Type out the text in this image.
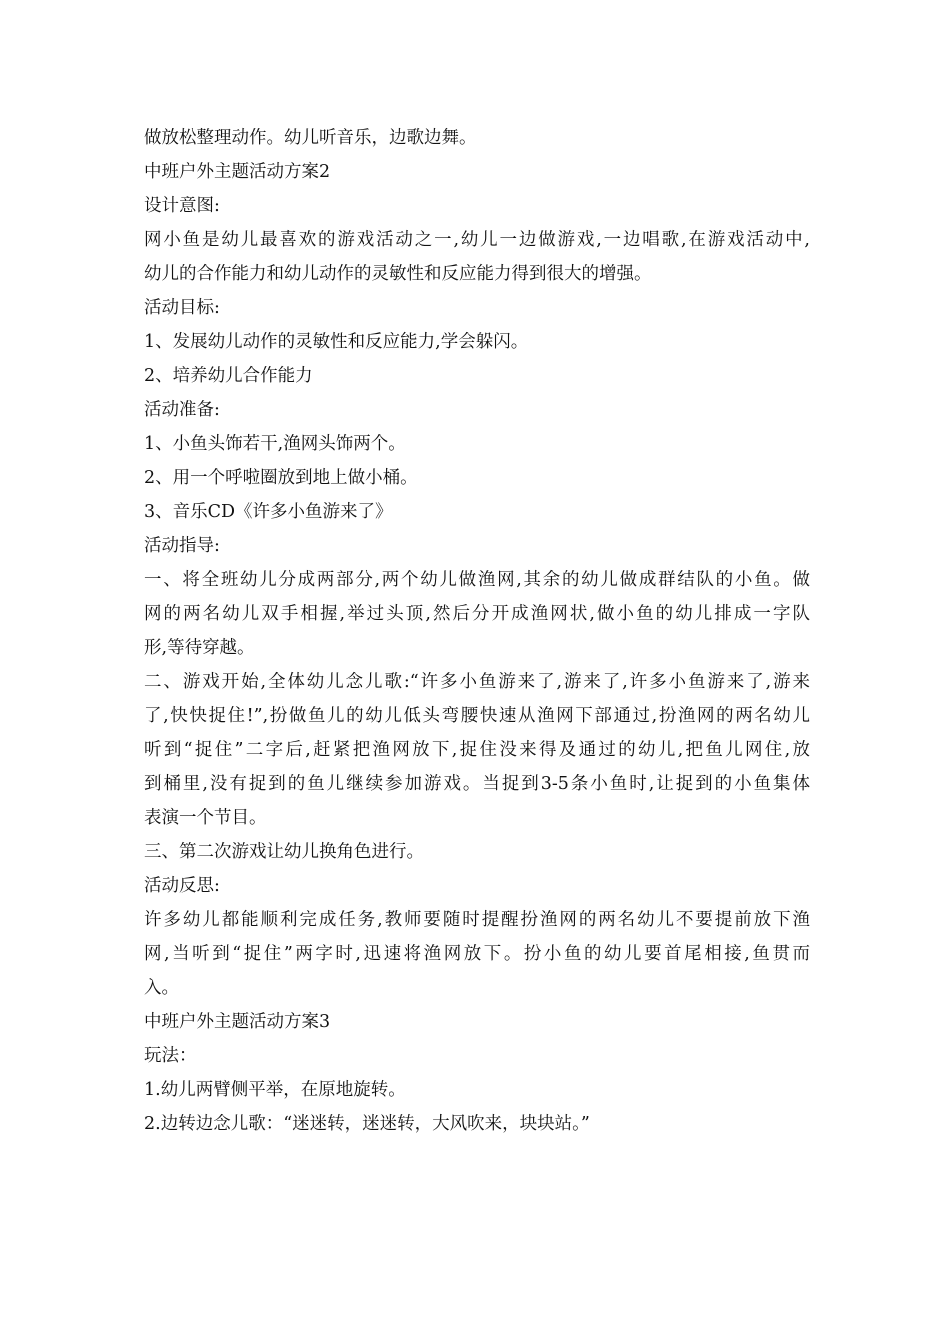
做放松整理动作。幼儿听音乐，边歌边舞。
中班户外主题活动方案2
设计意图:
网小鱼是幼儿最喜欢的游戏活动之一,幼儿一边做游戏,一边唱歌,在游戏活动中,
幼儿的合作能力和幼儿动作的灵敏性和反应能力得到很大的增强。
活动目标:
1、发展幼儿动作的灵敏性和反应能力,学会躲闪。
2、培养幼儿合作能力
活动准备:
1、小鱼头饰若干,渔网头饰两个。
2、用一个呼啦圈放到地上做小桶。
3、音乐CD《许多小鱼游来了》
活动指导:
一、将全班幼儿分成两部分,两个幼儿做渔网,其余的幼儿做成群结队的小鱼。做
网的两名幼儿双手相握,举过头顶,然后分开成渔网状,做小鱼的幼儿排成一字队
形,等待穿越。
二、游戏开始,全体幼儿念儿歌:“许多小鱼游来了,游来了,许多小鱼游来了,游来
了,快快捉住!”,扮做鱼儿的幼儿低头弯腰快速从渔网下部通过,扮渔网的两名幼儿
听到“捉住”二字后,赶紧把渔网放下,捉住没来得及通过的幼儿,把鱼儿网住,放
到桶里,没有捉到的鱼儿继续参加游戏。当捉到3-5条小鱼时,让捉到的小鱼集体
表演一个节目。
三、第二次游戏让幼儿换角色进行。
活动反思:
许多幼儿都能顺利完成任务,教师要随时提醒扮渔网的两名幼儿不要提前放下渔
网,当听到“捉住”两字时,迅速将渔网放下。扮小鱼的幼儿要首尾相接,鱼贯而
入。
中班户外主题活动方案3
玩法：
1.幼儿两臂侧平举，在原地旋转。
2.边转边念儿歌：“迷迷转，迷迷转，大风吹来，块块站。”
